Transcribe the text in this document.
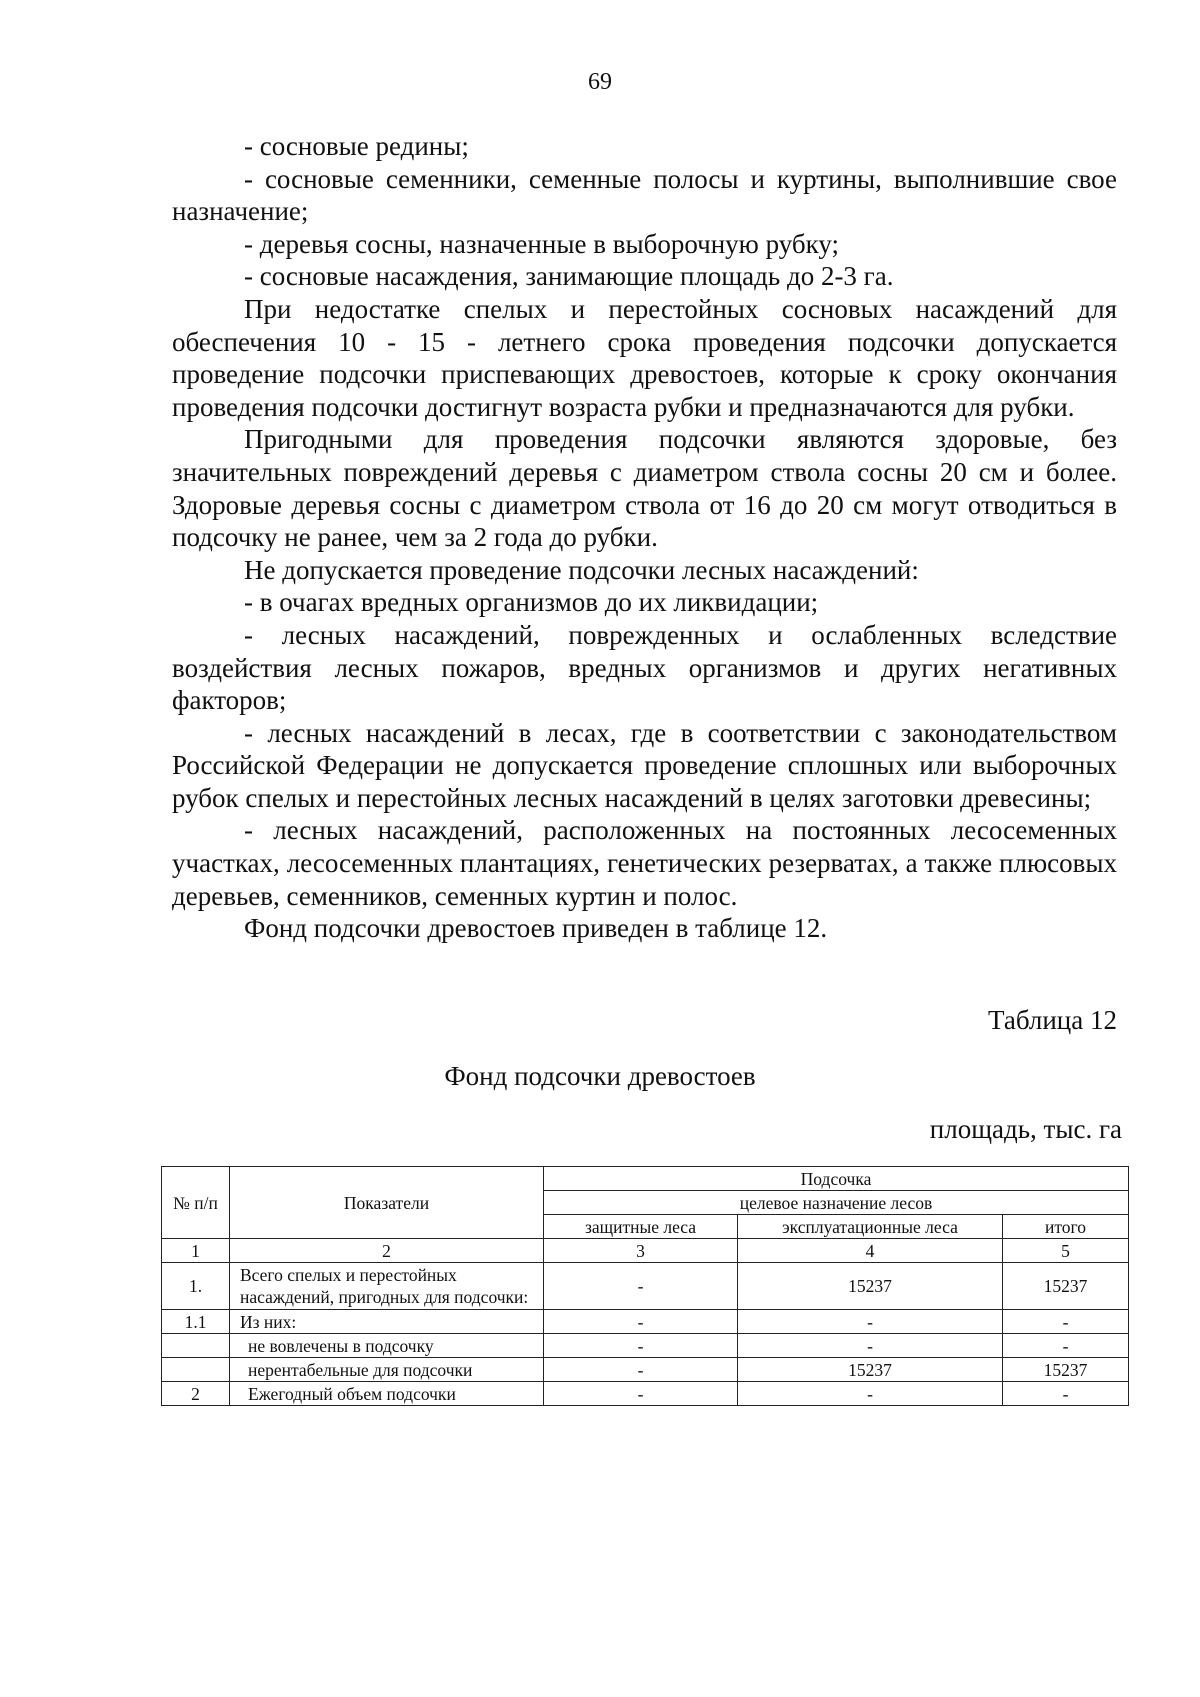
69

- сосновые редины;

- сосновые семенники, семенные полосы и куртины, выполнившие свое назначение;

- деревья сосны, назначенные в выборочную рубку;

- сосновые насаждения, занимающие площадь до 2-3 га.

При недостатке спелых и перестойных сосновых насаждений для обеспечения 10 - 15 - летнего срока проведения подсочки допускается проведение подсочки приспевающих древостоев, которые к сроку окончания проведения подсочки достигнут возраста рубки и предназначаются для рубки.

Пригодными для проведения подсочки являются здоровые, без значительных повреждений деревья с диаметром ствола сосны 20 см и более. Здоровые деревья сосны с диаметром ствола от 16 до 20 см могут отводиться в подсочку не ранее, чем за 2 года до рубки.

Не допускается проведение подсочки лесных насаждений:

- в очагах вредных организмов до их ликвидации;

- лесных насаждений, поврежденных и ослабленных вследствие воздействия лесных пожаров, вредных организмов и других негативных факторов;

- лесных насаждений в лесах, где в соответствии с законодательством Российской Федерации не допускается проведение сплошных или выборочных рубок спелых и перестойных лесных насаждений в целях заготовки древесины;

- лесных насаждений, расположенных на постоянных лесосеменных участках, лесосеменных плантациях, генетических резерватах, а также плюсовых деревьев, семенников, семенных куртин и полос.

Фонд подсочки древостоев приведен в таблице 12.

Таблица 12
Фонд подсочки древостоев
площадь, тыс. га
№ п/п	Показатели	Подсочка		
		целевое назначение лесов		
		защитные леса	эксплуатационные леса	итого
1	2	3	4	5
1.	Всего спелых и перестойных насаждений, пригодных для подсочки:	-	15237	15237
1.1	Из них:	-	-	-
	не вовлечены в подсочку	-	-	-
	нерентабельные для подсочки	-	15237	15237
2	Ежегодный объем подсочки	-	-	-
